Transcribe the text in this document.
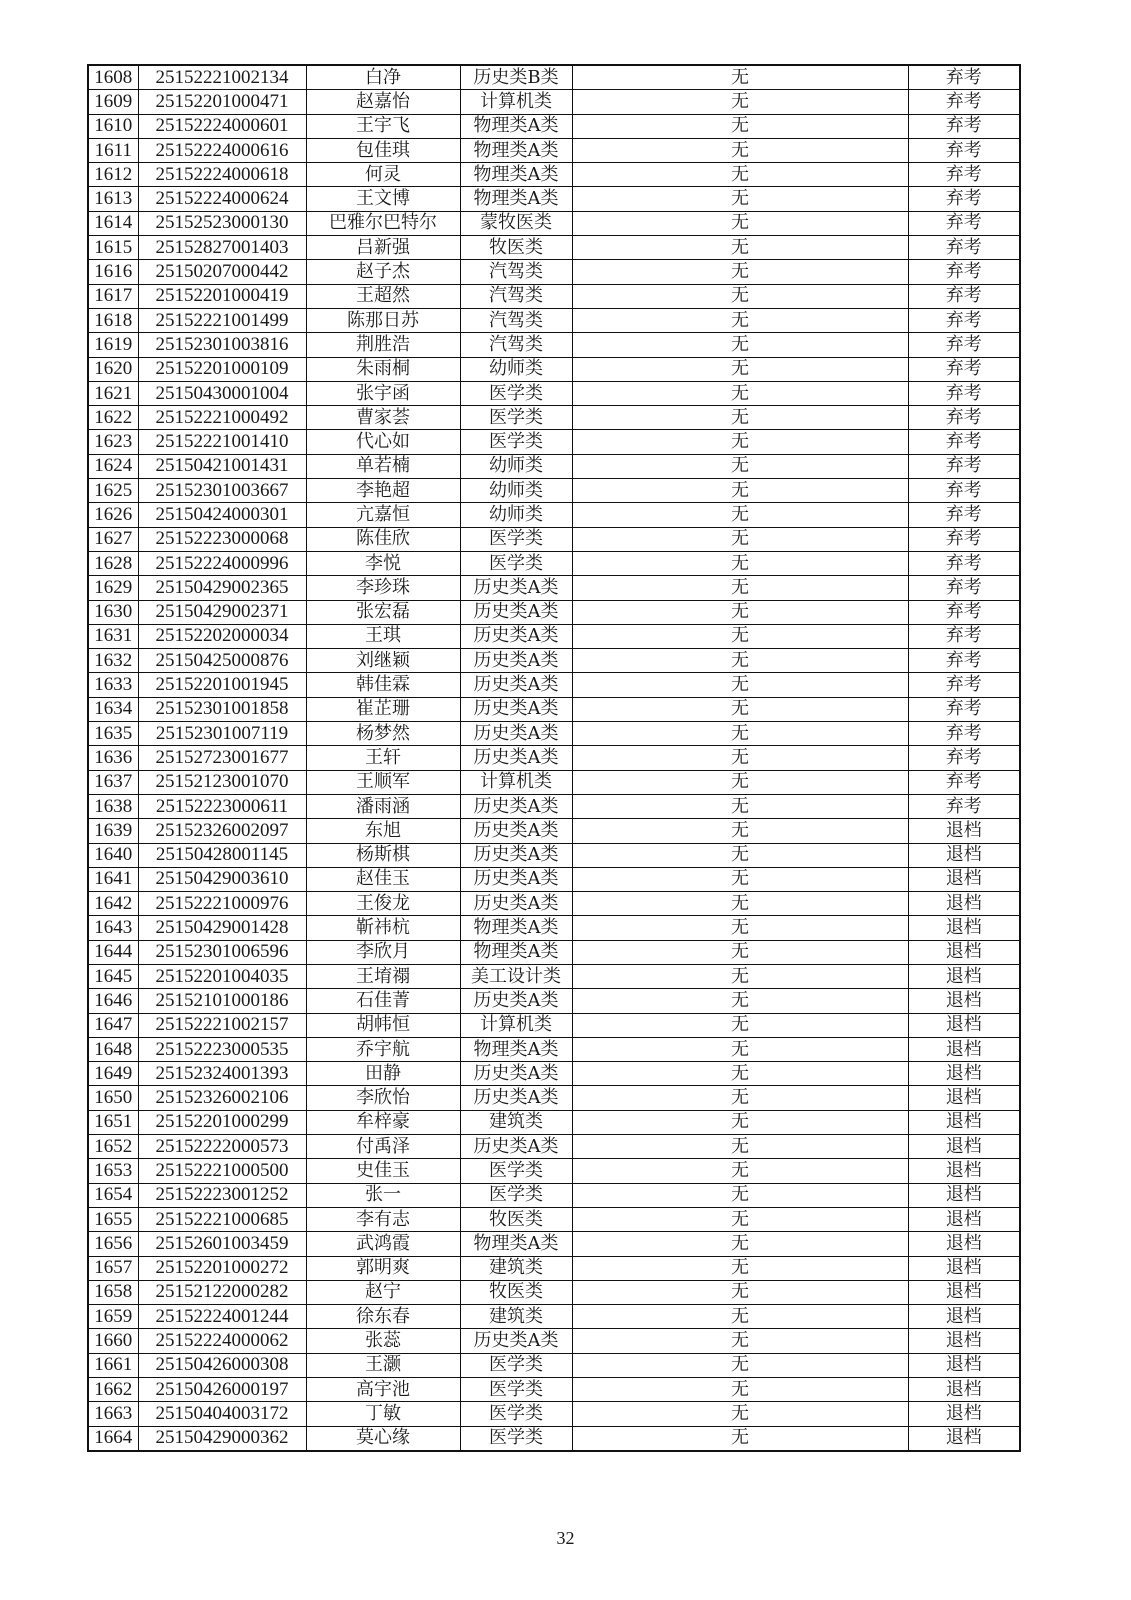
1608	25152221002134	白净	历史类B类	无	弃考
1609	25152201000471	赵嘉怡	计算机类	无	弃考
1610	25152224000601	王宇飞	物理类A类	无	弃考
1611	25152224000616	包佳琪	物理类A类	无	弃考
1612	25152224000618	何灵	物理类A类	无	弃考
1613	25152224000624	王文博	物理类A类	无	弃考
1614	25152523000130	巴雅尔巴特尔	蒙牧医类	无	弃考
1615	25152827001403	吕新强	牧医类	无	弃考
1616	25150207000442	赵子杰	汽驾类	无	弃考
1617	25152201000419	王超然	汽驾类	无	弃考
1618	25152221001499	陈那日苏	汽驾类	无	弃考
1619	25152301003816	荆胜浩	汽驾类	无	弃考
1620	25152201000109	朱雨桐	幼师类	无	弃考
1621	25150430001004	张宇函	医学类	无	弃考
1622	25152221000492	曹家荟	医学类	无	弃考
1623	25152221001410	代心如	医学类	无	弃考
1624	25150421001431	单若楠	幼师类	无	弃考
1625	25152301003667	李艳超	幼师类	无	弃考
1626	25150424000301	亢嘉恒	幼师类	无	弃考
1627	25152223000068	陈佳欣	医学类	无	弃考
1628	25152224000996	李悦	医学类	无	弃考
1629	25150429002365	李珍珠	历史类A类	无	弃考
1630	25150429002371	张宏磊	历史类A类	无	弃考
1631	25152202000034	王琪	历史类A类	无	弃考
1632	25150425000876	刘继颖	历史类A类	无	弃考
1633	25152201001945	韩佳霖	历史类A类	无	弃考
1634	25152301001858	崔芷珊	历史类A类	无	弃考
1635	25152301007119	杨梦然	历史类A类	无	弃考
1636	25152723001677	王轩	历史类A类	无	弃考
1637	25152123001070	王顺军	计算机类	无	弃考
1638	25152223000611	潘雨涵	历史类A类	无	弃考
1639	25152326002097	东旭	历史类A类	无	退档
1640	25150428001145	杨斯棋	历史类A类	无	退档
1641	25150429003610	赵佳玉	历史类A类	无	退档
1642	25152221000976	王俊龙	历史类A类	无	退档
1643	25150429001428	靳祎杭	物理类A类	无	退档
1644	25152301006596	李欣月	物理类A类	无	退档
1645	25152201004035	王堉禤	美工设计类	无	退档
1646	25152101000186	石佳菁	历史类A类	无	退档
1647	25152221002157	胡帏恒	计算机类	无	退档
1648	25152223000535	乔宇航	物理类A类	无	退档
1649	25152324001393	田静	历史类A类	无	退档
1650	25152326002106	李欣怡	历史类A类	无	退档
1651	25152201000299	牟梓豪	建筑类	无	退档
1652	25152222000573	付禹泽	历史类A类	无	退档
1653	25152221000500	史佳玉	医学类	无	退档
1654	25152223001252	张一	医学类	无	退档
1655	25152221000685	李有志	牧医类	无	退档
1656	25152601003459	武鸿霞	物理类A类	无	退档
1657	25152201000272	郭明爽	建筑类	无	退档
1658	25152122000282	赵宁	牧医类	无	退档
1659	25152224001244	徐东春	建筑类	无	退档
1660	25152224000062	张蕊	历史类A类	无	退档
1661	25150426000308	王灏	医学类	无	退档
1662	25150426000197	高宇池	医学类	无	退档
1663	25150404003172	丁敏	医学类	无	退档
1664	25150429000362	莫心缘	医学类	无	退档
32
